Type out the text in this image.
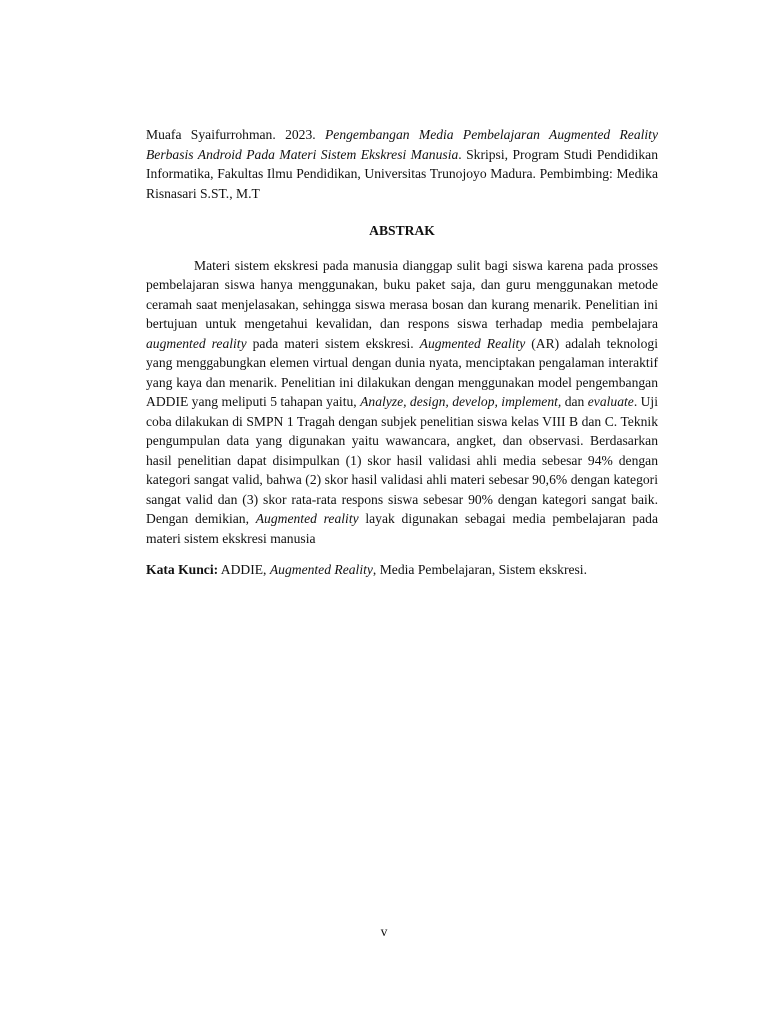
Muafa Syaifurrohman. 2023. Pengembangan Media Pembelajaran Augmented Reality Berbasis Android Pada Materi Sistem Ekskresi Manusia. Skripsi, Program Studi Pendidikan Informatika, Fakultas Ilmu Pendidikan, Universitas Trunojoyo Madura. Pembimbing: Medika Risnasari S.ST., M.T

ABSTRAK

Materi sistem ekskresi pada manusia dianggap sulit bagi siswa karena pada prosses pembelajaran siswa hanya menggunakan, buku paket saja, dan guru menggunakan metode ceramah saat menjelasakan, sehingga siswa merasa bosan dan kurang menarik. Penelitian ini bertujuan untuk mengetahui kevalidan, dan respons siswa terhadap media pembelajara augmented reality pada materi sistem ekskresi. Augmented Reality (AR) adalah teknologi yang menggabungkan elemen virtual dengan dunia nyata, menciptakan pengalaman interaktif yang kaya dan menarik. Penelitian ini dilakukan dengan menggunakan model pengembangan ADDIE yang meliputi 5 tahapan yaitu, Analyze, design, develop, implement, dan evaluate. Uji coba dilakukan di SMPN 1 Tragah dengan subjek penelitian siswa kelas VIII B dan C. Teknik pengumpulan data yang digunakan yaitu wawancara, angket, dan observasi. Berdasarkan hasil penelitian dapat disimpulkan (1) skor hasil validasi ahli media sebesar 94% dengan kategori sangat valid, bahwa (2) skor hasil validasi ahli materi sebesar 90,6% dengan kategori sangat valid dan (3) skor rata-rata respons siswa sebesar 90% dengan kategori sangat baik. Dengan demikian, Augmented reality layak digunakan sebagai media pembelajaran pada materi sistem ekskresi manusia

Kata Kunci: ADDIE, Augmented Reality, Media Pembelajaran, Sistem ekskresi.

v
